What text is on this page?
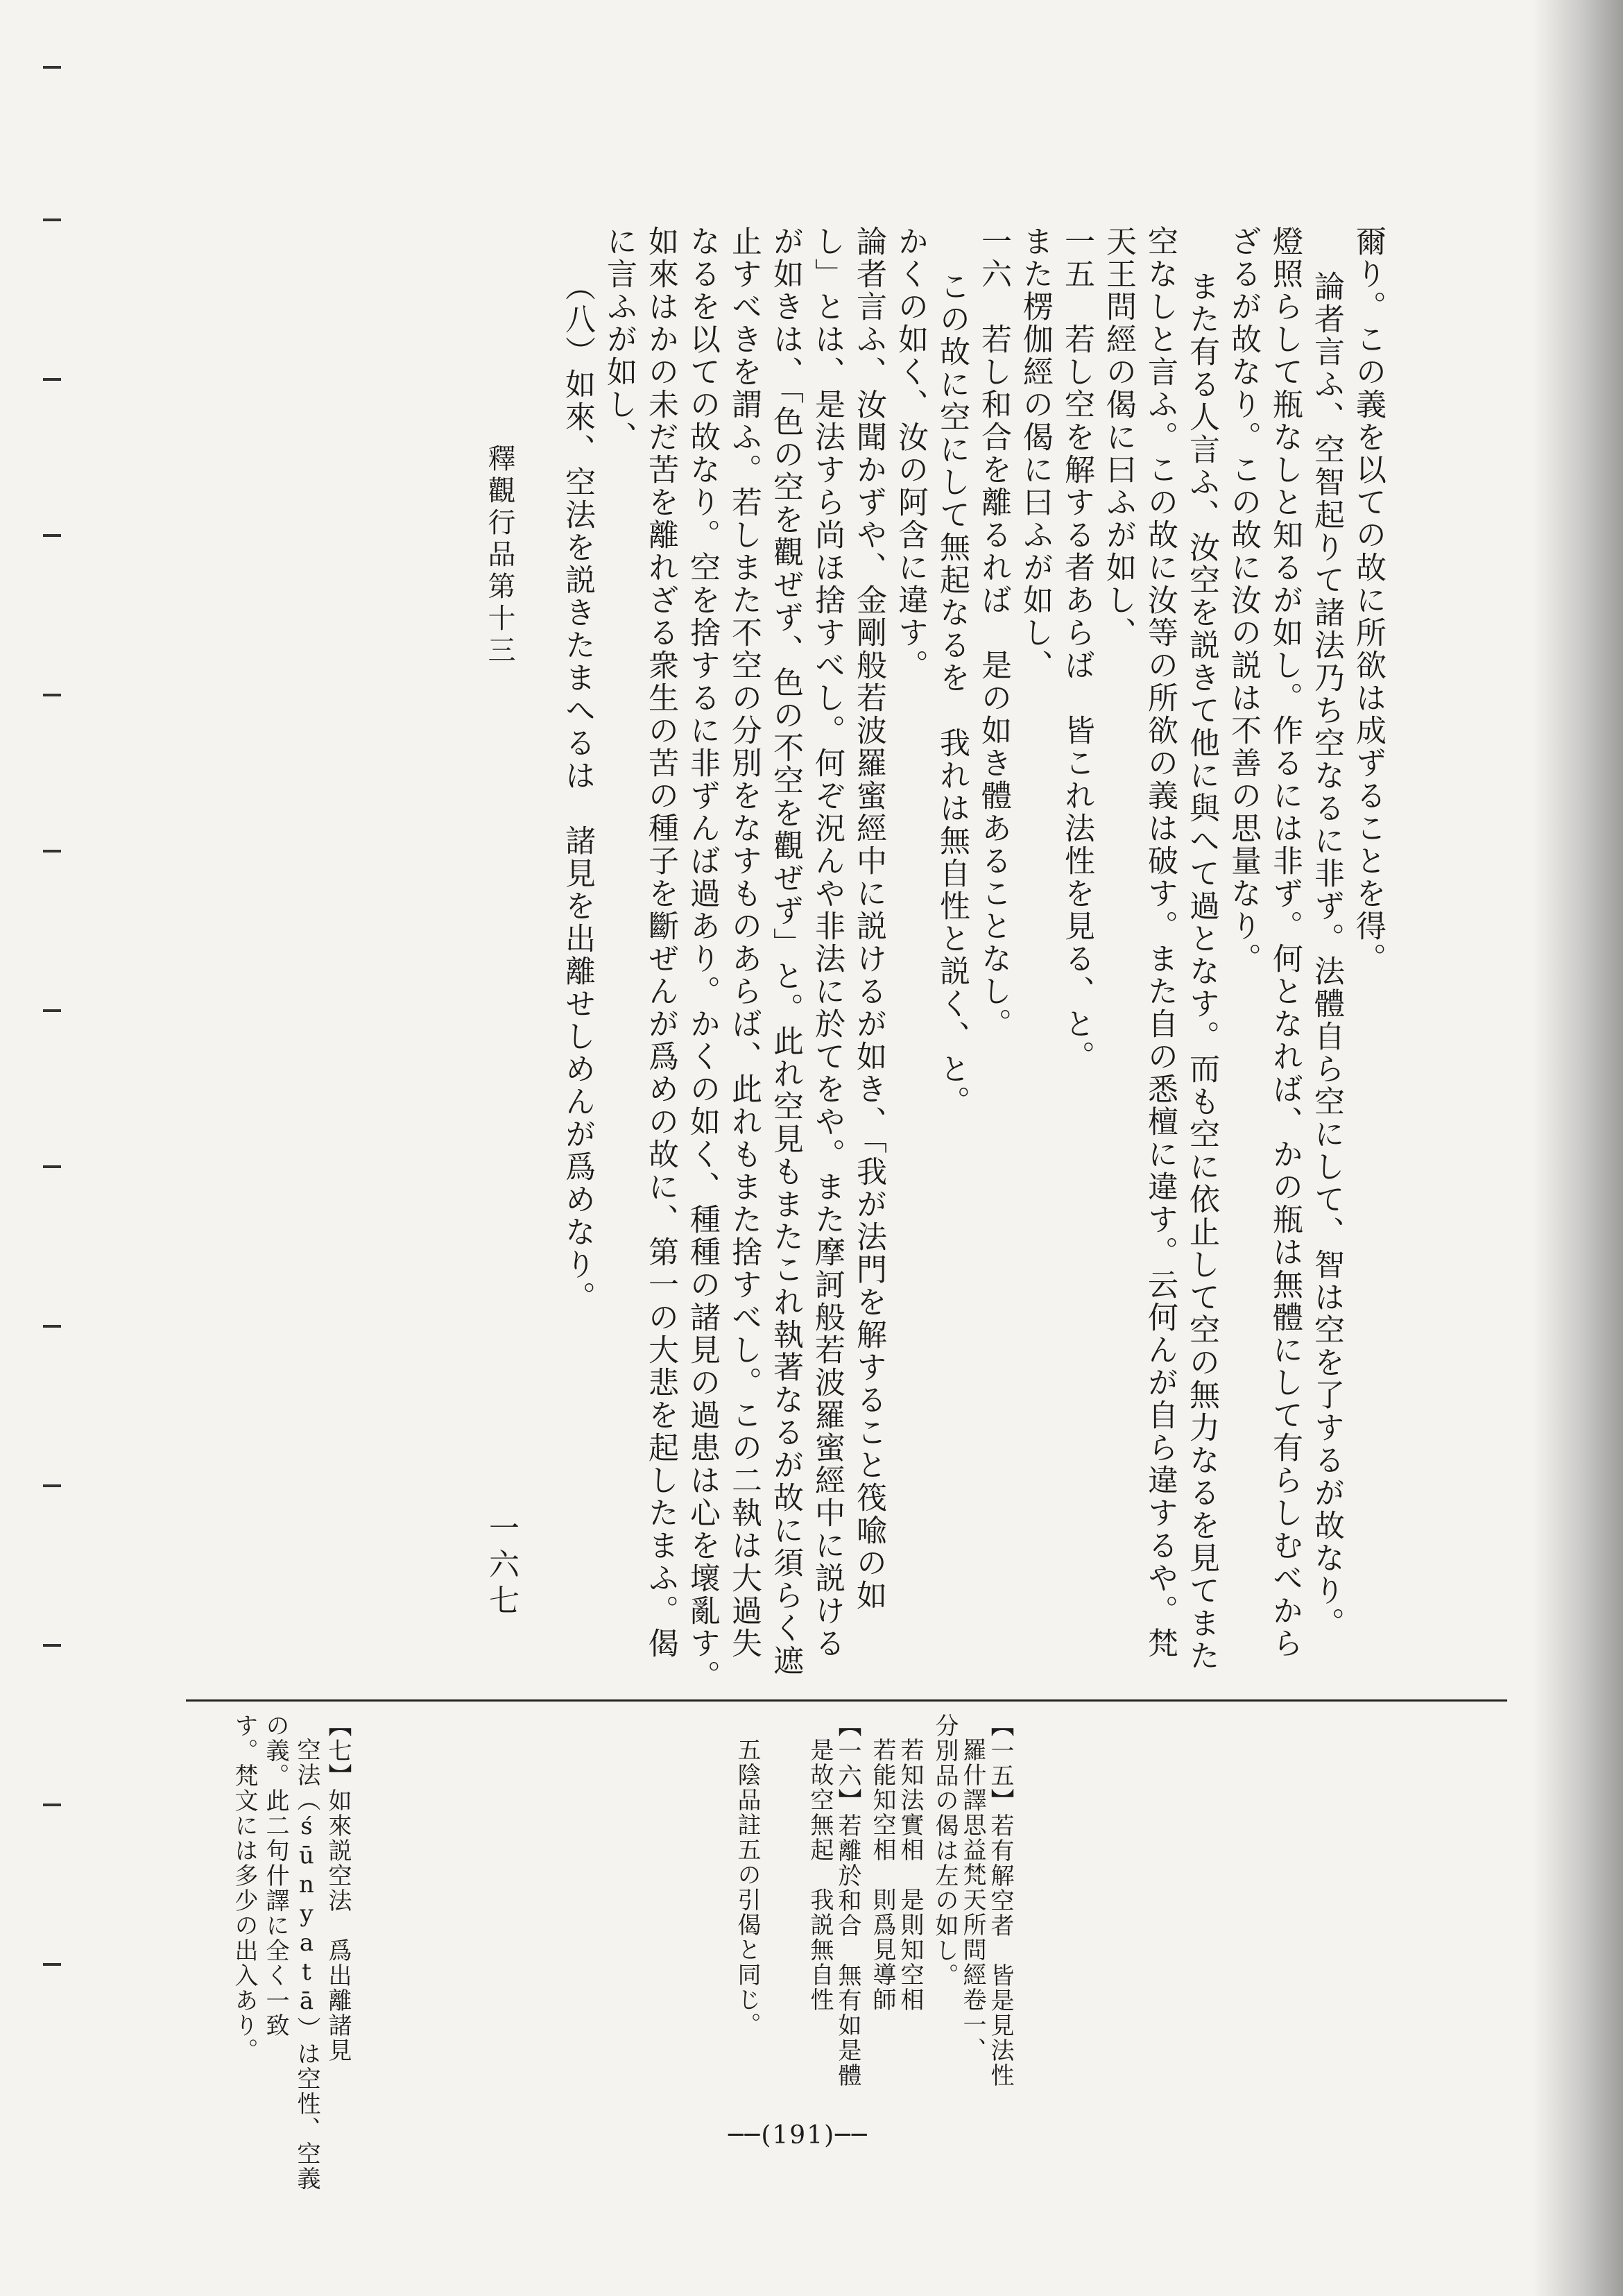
爾り。この義を以ての故に所欲は成ずることを得。
論者言ふ、空智起りて諸法乃ち空なるに非ず。法體自ら空にして、智は空を了するが故なり。
燈照らして瓶なしと知るが如し。作るには非ず。何となれば、かの瓶は無體にして有らしむべから
ざるが故なり。この故に汝の説は不善の思量なり。
また有る人言ふ、汝空を説きて他に與へて過となす。而も空に依止して空の無力なるを見てまた
空なしと言ふ。この故に汝等の所欲の義は破す。また自の悉檀に違す。云何んが自ら違するや。梵
天王問經の偈に曰ふが如し、
一五　若し空を解する者あらば　皆これ法性を見る、と。
また楞伽經の偈に曰ふが如し、
一六　若し和合を離るれば　是の如き體あることなし。
この故に空にして無起なるを　我れは無自性と説く、と。
かくの如く、汝の阿含に違す。
論者言ふ、汝聞かずや、金剛般若波羅蜜經中に説けるが如き、「我が法門を解すること筏喩の如
し」とは、是法すら尚ほ捨すべし。何ぞ況んや非法に於てをや。また摩訶般若波羅蜜經中に説ける
が如きは、「色の空を觀ぜず、色の不空を觀ぜず」と。此れ空見もまたこれ執著なるが故に須らく遮
止すべきを謂ふ。若しまた不空の分別をなすものあらば、此れもまた捨すべし。この二執は大過失
なるを以ての故なり。空を捨するに非ずんば過あり。かくの如く、種種の諸見の過患は心を壞亂す。
如來はかの未だ苦を離れざる衆生の苦の種子を斷ぜんが爲めの故に、第一の大悲を起したまふ。偈
に言ふが如し、
（八）如來、空法を説きたまへるは　諸見を出離せしめんが爲めなり。
釋觀行品第十三
一六七
【一五】若有解空者　皆是見法性
羅什譯思益梵天所問經卷一、
分別品の偈は左の如し。
若知法實相　是則知空相
若能知空相　則爲見導師
【一六】若離於和合　無有如是體
是故空無起　我説無自性
五陰品註五の引偈と同じ。
【七】如來説空法　爲出離諸見
空法（śūnyatā）は空性、空義
の義。此二句什譯に全く一致
す。梵文には多少の出入あり。
──(191)──
